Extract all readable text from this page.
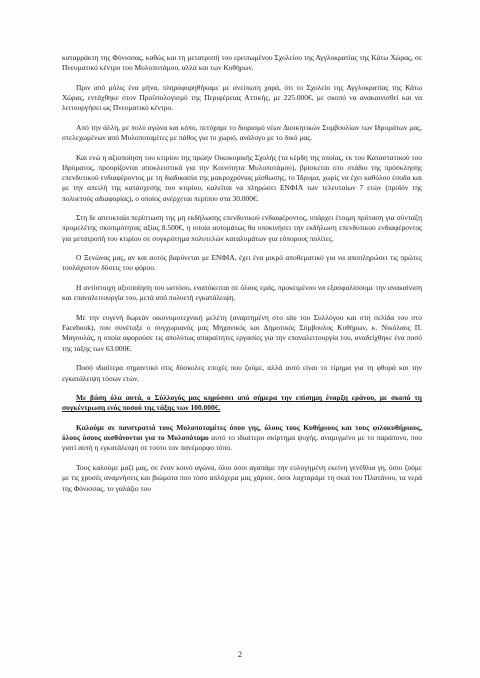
καταρράκτη της Φόνισσας, καθώς και τη μετατροπή του ερειπωμένου Σχολείου της Αγγλοκρατίας της Κάτω Χώρας, σε Πνευματικό κέντρο του Μυλοποτάμου, αλλά και των Κυθήρων.

Πριν από μόλις ένα μήνα, πληροφορηθήκαμε με ανείπωτη χαρά, ότι το Σχολείο της Αγγλοκρατίας της Κάτω Χώρας, εντάχθηκε στον Προϋπολογισμό της Περιφέρειας Αττικής, με 225.000€, με σκοπό να ανακαινισθεί και να λειτουργήσει ως Πνευματικό κέντρο.

Από την άλλη, με πολύ αγώνα και κόπο, πετύχαμε το διορισμό νέων Διοικητικών Συμβουλίων των Ιδρυμάτων μας, στελεχωμένων από Μυλοποταμίτες με πάθος για το χωριό, ανάλογο με το δικό μας.

Και ενώ η αξιοποίηση του κτιρίου της πρώην Οικοκυρικής Σχολής (τα κέρδη της οποίας, εκ του Καταστατικού του Ιδρύματος, προορίζονται αποκλειστικά για την Κοινότητα Μυλοποτάμου), βρίσκεται στο στάδιο της πρόσκλησης επενδυτικού ενδιαφέροντος με τη διαδικασία της μακροχρόνιας μίσθωσης, το Ίδρυμα, χωρίς να έχει καθόλου έσοδα και με την απειλή της κατάσχεσης του κτιρίου, καλείται να πληρώσει ΕΝΦΙΑ των τελευταίων 7 ετών (προϊόν της πολυετούς αδιαφορίας), ο οποίος ανέρχεται περίπου στα 30.000€.

Στη δε απευκταία περίπτωση της μη εκδήλωσης επενδυτικού ενδιαφέροντος, υπάρχει έτοιμη πρόταση για σύνταξη προμελέτης σκοπιμότητας αξίας 8.500€, η οποία αυτομάτως θα υποκινήσει την εκδήλωση επενδυτικού ενδιαφέροντος για μετατροπή του κτιρίου σε συγκρότημα πολυτελών καταλυμάτων για εύπορους πολίτες.

Ο Ξενώνας μας, αν και αυτός βαρύνεται με ΕΝΦΙΑ, έχει ένα μικρό αποθεματικό για να αποπληρώσει τις πρώτες τουλάχιστον δόσεις του φόρου.

Η αντίστοιχη αξιοποίηση του ωστόσο, εναπόκειται σε όλους εμάς, προκειμένου να εξασφαλίσουμε την ανακαίνιση και επαναλειτουργία του, μετά από πολυετή εγκατάλειψη.

Με την ευγενή δωρεάν οικονομοτεχνική μελέτη (αναρτημένη στο site του Συλλόγου και στη σελίδα του στο Facebook), που συνέταξε ο συγχωριανός μας Μηχανικός και Δημοτικός Σύμβουλος Κυθήρων, κ. Νικόλαος Π. Μαγουλάς, η οποία αφορούσε τις απολύτως απαραίτητες εργασίες για την επαναλειτουργία του, αναδείχθηκε ένα ποσό της τάξης των 63.000€.

Ποσό ιδιαίτερα σημαντικό στις δύσκολες εποχές που ζούμε, αλλά αυτό είναι το τίμημα για τη φθορά και την εγκατάλειψη τόσων ετών.

Με βάση όλα αυτά, ο Σύλλογός μας κηρύσσει από σήμερα την επίσημη έναρξη εράνου, με σκοπό τη συγκέντρωση ενός ποσού της τάξης των 100.000€.

Καλούμε σε πανστρατιά τους Μυλοποταμίτες όπου γης, όλους τους Κυθήριους και τους φιλοκυθήριους, όλους όσους αισθάνονται για το Μυλοπόταμο αυτό το ιδιαίτερο σκίρτημα ψυχής, αναμιγμένο με το παράπονο, που γιατί αυτή η εγκατάλειψη σε τούτο τον πανέμορφο τόπο.

Τους καλούμε μαζί μας, σε έναν κοινό αγώνα, όλοι όσοι αγαπάμε την ευλογημένη εκείνη γενέθλια γη, όσοι ζούμε με τις χρυσές αναμνήσεις και βιώματα που τόσο απλόχερα μας χάρισε, όσοι λαχταράμε τη σκιά του Πλατάνου, τα νερά της Φόνισσας, το γαλάζιο του

2
